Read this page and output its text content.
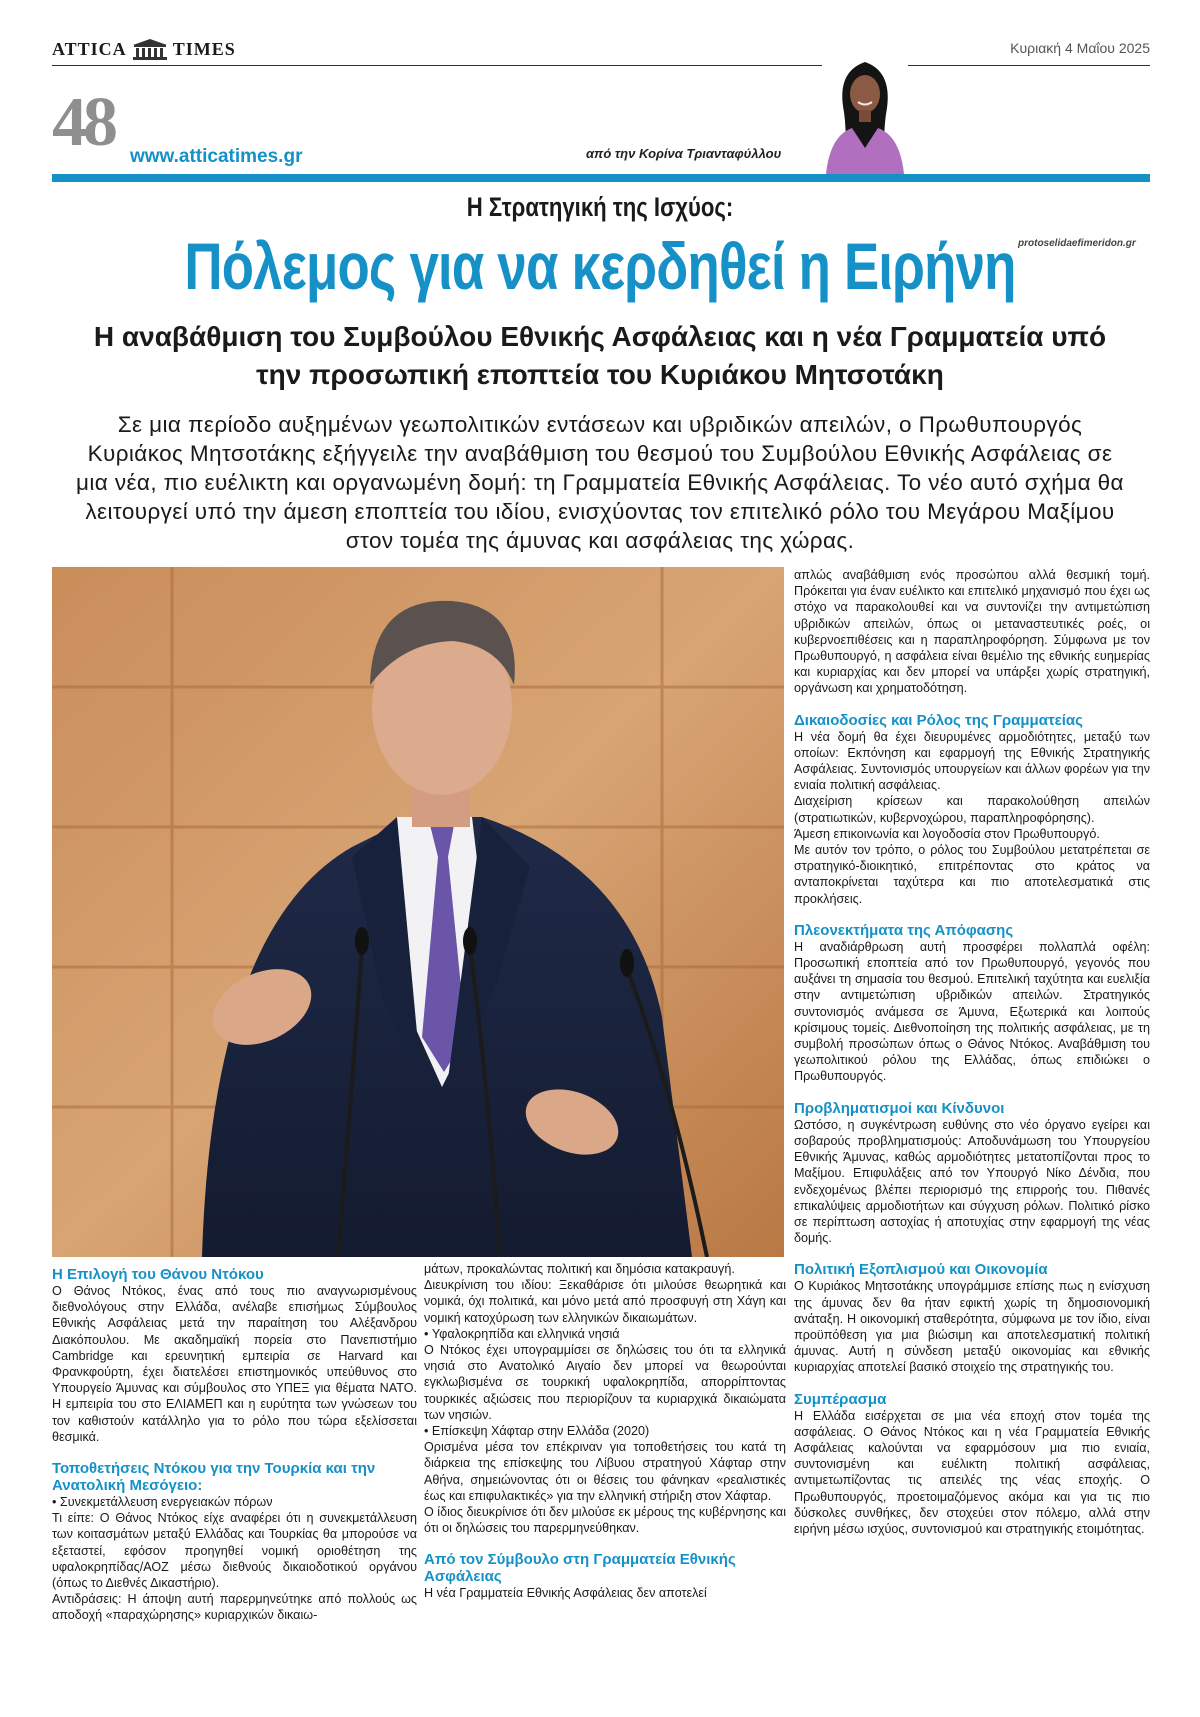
ATTICA	TIMES	Κυριακή 4 Μαΐου 2025
48 www.atticatimes.gr	από την Κορίνα Τριανταφύλλου
Η Στρατηγική της Ισχύος:
Πόλεμος για να κερδηθεί η Ειρήνη protoselidaefimeridon.gr
Η αναβάθμιση του Συμβούλου Εθνικής Ασφάλειας και η νέα Γραμματεία υπό την προσωπική εποπτεία του Κυριάκου Μητσοτάκη
Σε μια περίοδο αυξημένων γεωπολιτικών εντάσεων και υβριδικών απειλών, ο Πρωθυπουργός Κυριάκος Μητσοτάκης εξήγγειλε την αναβάθμιση του θεσμού του Συμβούλου Εθνικής Ασφάλειας σε μια νέα, πιο ευέλικτη και οργανωμένη δομή: τη Γραμματεία Εθνικής Ασφάλειας. Το νέο αυτό σχήμα θα λειτουργεί υπό την άμεση εποπτεία του ιδίου, ενισχύοντας τον επιτελικό ρόλο του Μεγάρου Μαξίμου στον τομέα της άμυνας και ασφάλειας της χώρας.
Η Επιλογή του Θάνου Ντόκου

Ο Θάνος Ντόκος, ένας από τους πιο αναγνωρισμένους διεθνολόγους στην Ελλάδα, ανέλαβε επισήμως Σύμβουλος Εθνικής Ασφάλειας μετά την παραίτηση του Αλέξανδρου Διακόπουλου. Με ακαδημαϊκή πορεία στο Πανεπιστήμιο Cambridge και ερευνητική εμπειρία σε Harvard και Φρανκφούρτη, έχει διατελέσει επιστημονικός υπεύθυνος στο Υπουργείο Άμυνας και σύμβουλος στο ΥΠΕΞ για θέματα ΝΑΤΟ. Η εμπειρία του στο ΕΛΙΑΜΕΠ και η ευρύτητα των γνώσεων του τον καθιστούν κατάλληλο για το ρόλο που τώρα εξελίσσεται θεσμικά.

Τοποθετήσεις Ντόκου για την Τουρκία και την Ανατολική Μεσόγειο:

• Συνεκμετάλλευση ενεργειακών πόρων

Τι είπε: Ο Θάνος Ντόκος είχε αναφέρει ότι η συνεκμετάλλευση των κοιτασμάτων μεταξύ Ελλάδας και Τουρκίας θα μπορούσε να εξεταστεί, εφόσον προηγηθεί νομική οριοθέτηση της υφαλοκρηπίδας/ΑΟΖ μέσω διεθνούς δικαιοδοτικού οργάνου (όπως το Διεθνές Δικαστήριο).

Αντιδράσεις: Η άποψη αυτή παρερμηνεύτηκε από πολλούς ως αποδοχή «παραχώρησης» κυριαρχικών δικαιω-

μάτων, προκαλώντας πολιτική και δημόσια κατακραυγή.

Διευκρίνιση του ιδίου: Ξεκαθάρισε ότι μιλούσε θεωρητικά και νομικά, όχι πολιτικά, και μόνο μετά από προσφυγή στη Χάγη και νομική κατοχύρωση των ελληνικών δικαιωμάτων.

• Υφαλοκρηπίδα και ελληνικά νησιά

Ο Ντόκος έχει υπογραμμίσει σε δηλώσεις του ότι τα ελληνικά νησιά στο Ανατολικό Αιγαίο δεν μπορεί να θεωρούνται εγκλωβισμένα σε τουρκική υφαλοκρηπίδα, απορρίπτοντας τουρκικές αξιώσεις που περιορίζουν τα κυριαρχικά δικαιώματα των νησιών.

• Επίσκεψη Χάφταρ στην Ελλάδα (2020)

Ορισμένα μέσα τον επέκριναν για τοποθετήσεις του κατά τη διάρκεια της επίσκεψης του Λίβυου στρατηγού Χάφταρ στην Αθήνα, σημειώνοντας ότι οι θέσεις του φάνηκαν «ρεαλιστικές έως και επιφυλακτικές» για την ελληνική στήριξη στον Χάφταρ.

Ο ίδιος διευκρίνισε ότι δεν μιλούσε εκ μέρους της κυβέρνησης και ότι οι δηλώσεις του παρερμηνεύθηκαν.

Από τον Σύμβουλο στη Γραμματεία Εθνικής Ασφάλειας

Η νέα Γραμματεία Εθνικής Ασφάλειας δεν αποτελεί

απλώς αναβάθμιση ενός προσώπου αλλά θεσμική τομή. Πρόκειται για έναν ευέλικτο και επιτελικό μηχανισμό που έχει ως στόχο να παρακολουθεί και να συντονίζει την αντιμετώπιση υβριδικών απειλών, όπως οι μεταναστευτικές ροές, οι κυβερνοεπιθέσεις και η παραπληροφόρηση. Σύμφωνα με τον Πρωθυπουργό, η ασφάλεια είναι θεμέλιο της εθνικής ευημερίας και κυριαρχίας και δεν μπορεί να υπάρξει χωρίς στρατηγική, οργάνωση και χρηματοδότηση.

Δικαιοδοσίες και Ρόλος της Γραμματείας

Η νέα δομή θα έχει διευρυμένες αρμοδιότητες, μεταξύ των οποίων: Εκπόνηση και εφαρμογή της Εθνικής Στρατηγικής Ασφάλειας. Συντονισμός υπουργείων και άλλων φορέων για την ενιαία πολιτική ασφάλειας.

Διαχείριση κρίσεων και παρακολούθηση απειλών (στρατιωτικών, κυβερνοχώρου, παραπληροφόρησης).

Άμεση επικοινωνία και λογοδοσία στον Πρωθυπουργό.

Με αυτόν τον τρόπο, ο ρόλος του Συμβούλου μετατρέπεται σε στρατηγικό-διοικητικό, επιτρέποντας στο κράτος να ανταποκρίνεται ταχύτερα και πιο αποτελεσματικά στις προκλήσεις.

Πλεονεκτήματα της Απόφασης

Η αναδιάρθρωση αυτή προσφέρει πολλαπλά οφέλη: Προσωπική εποπτεία από τον Πρωθυπουργό, γεγονός που αυξάνει τη σημασία του θεσμού. Επιτελική ταχύτητα και ευελιξία στην αντιμετώπιση υβριδικών απειλών. Στρατηγικός συντονισμός ανάμεσα σε Άμυνα, Εξωτερικά και λοιπούς κρίσιμους τομείς. Διεθνοποίηση της πολιτικής ασφάλειας, με τη συμβολή προσώπων όπως ο Θάνος Ντόκος. Αναβάθμιση του γεωπολιτικού ρόλου της Ελλάδας, όπως επιδιώκει ο Πρωθυπουργός.

Προβληματισμοί και Κίνδυνοι

Ωστόσο, η συγκέντρωση ευθύνης στο νέο όργανο εγείρει και σοβαρούς προβληματισμούς: Αποδυνάμωση του Υπουργείου Εθνικής Άμυνας, καθώς αρμοδιότητες μετατοπίζονται προς το Μαξίμου. Επιφυλάξεις από τον Υπουργό Νίκο Δένδια, που ενδεχομένως βλέπει περιορισμό της επιρροής του. Πιθανές επικαλύψεις αρμοδιοτήτων και σύγχυση ρόλων. Πολιτικό ρίσκο σε περίπτωση αστοχίας ή αποτυχίας στην εφαρμογή της νέας δομής.

Πολιτική Εξοπλισμού και Οικονομία

Ο Κυριάκος Μητσοτάκης υπογράμμισε επίσης πως η ενίσχυση της άμυνας δεν θα ήταν εφικτή χωρίς τη δημοσιονομική ανάταξη. Η οικονομική σταθερότητα, σύμφωνα με τον ίδιο, είναι προϋπόθεση για μια βιώσιμη και αποτελεσματική πολιτική άμυνας. Αυτή η σύνδεση μεταξύ οικονομίας και εθνικής κυριαρχίας αποτελεί βασικό στοιχείο της στρατηγικής του.

Συμπέρασμα

Η Ελλάδα εισέρχεται σε μια νέα εποχή στον τομέα της ασφάλειας. Ο Θάνος Ντόκος και η νέα Γραμματεία Εθνικής Ασφάλειας καλούνται να εφαρμόσουν μια πιο ενιαία, συντονισμένη και ευέλικτη πολιτική ασφάλειας, αντιμετωπίζοντας τις απειλές της νέας εποχής. Ο Πρωθυπουργός, προετοιμαζόμενος ακόμα και για τις πιο δύσκολες συνθήκες, δεν στοχεύει στον πόλεμο, αλλά στην ειρήνη μέσω ισχύος, συντονισμού και στρατηγικής ετοιμότητας.
